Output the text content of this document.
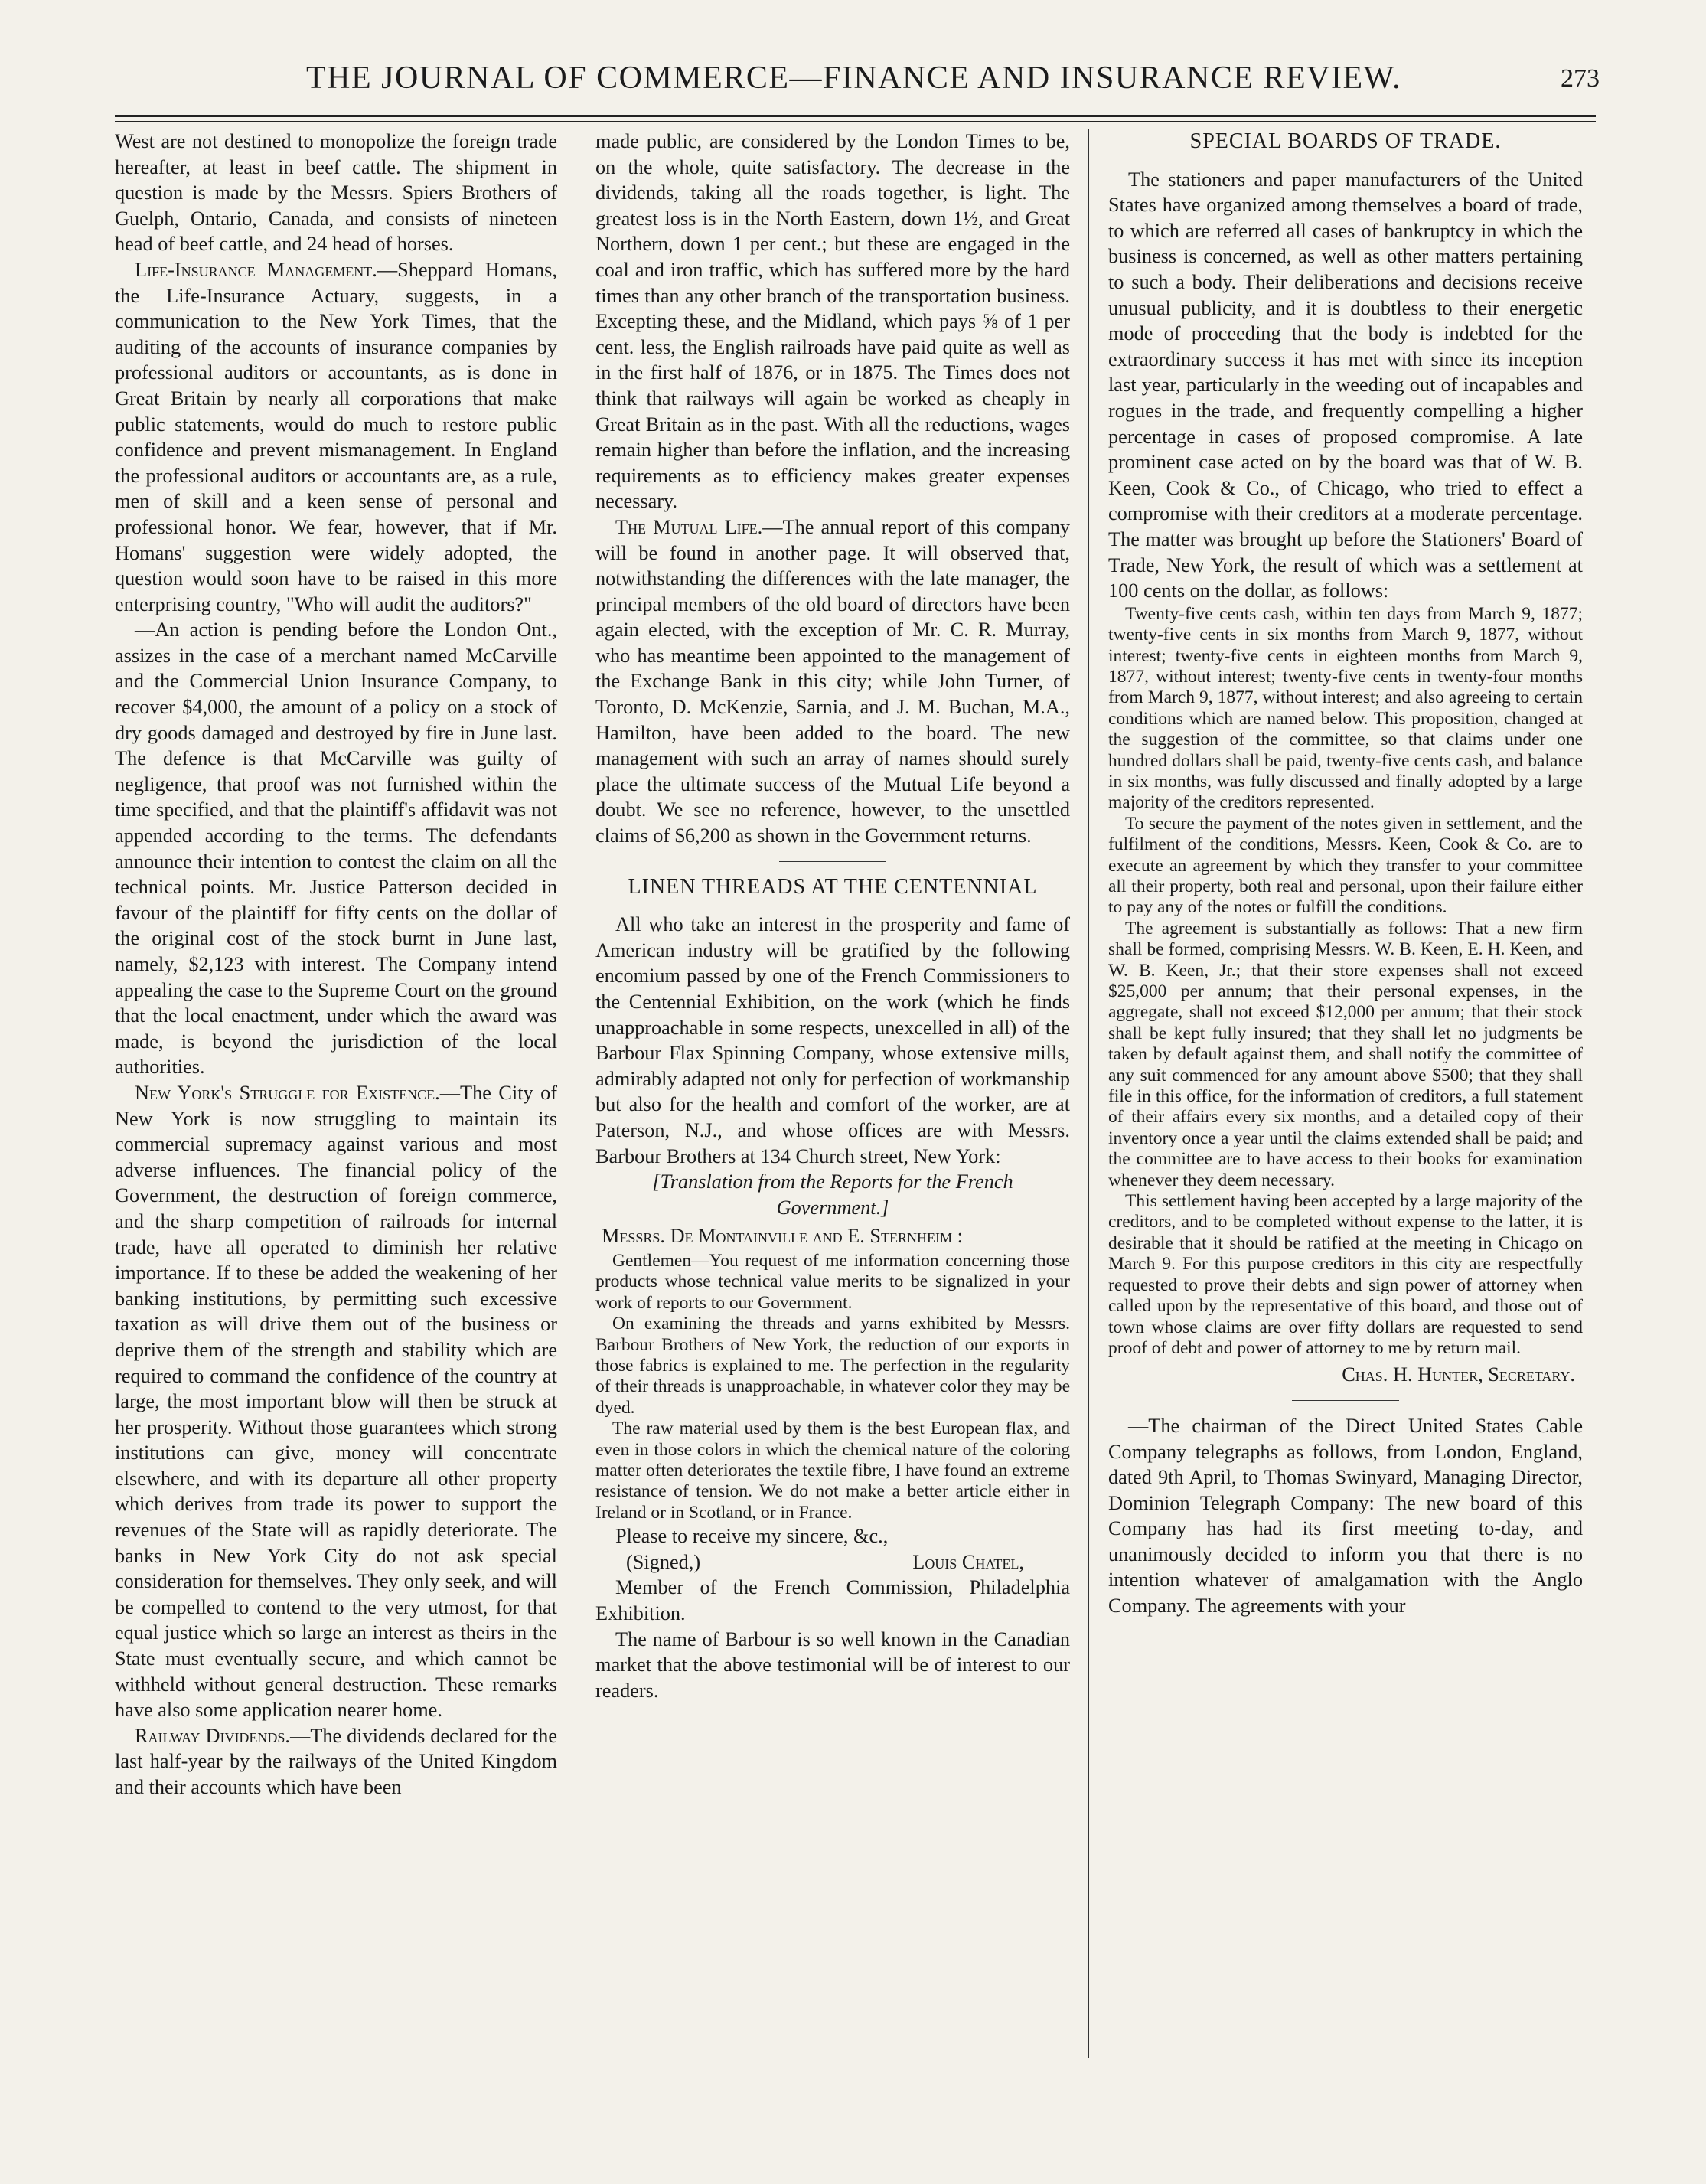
THE JOURNAL OF COMMERCE—FINANCE AND INSURANCE REVIEW.	273

West are not destined to monopolize the foreign trade hereafter, at least in beef cattle. The shipment in question is made by the Messrs. Spiers Brothers of Guelph, Ontario, Canada, and consists of nineteen head of beef cattle, and 24 head of horses.

Life-Insurance Management.—Sheppard Homans, the Life-Insurance Actuary, suggests, in a communication to the New York Times, that the auditing of the accounts of insurance companies by professional auditors or accountants, as is done in Great Britain by nearly all corporations that make public statements, would do much to restore public confidence and prevent mismanagement. In England the professional auditors or accountants are, as a rule, men of skill and a keen sense of personal and professional honor. We fear, however, that if Mr. Homans' suggestion were widely adopted, the question would soon have to be raised in this more enterprising country, "Who will audit the auditors?"

—An action is pending before the London Ont., assizes in the case of a merchant named McCarville and the Commercial Union Insurance Company, to recover $4,000, the amount of a policy on a stock of dry goods damaged and destroyed by fire in June last. The defence is that McCarville was guilty of negligence, that proof was not furnished within the time specified, and that the plaintiff's affidavit was not appended according to the terms. The defendants announce their intention to contest the claim on all the technical points. Mr. Justice Patterson decided in favour of the plaintiff for fifty cents on the dollar of the original cost of the stock burnt in June last, namely, $2,123 with interest. The Company intend appealing the case to the Supreme Court on the ground that the local enactment, under which the award was made, is beyond the jurisdiction of the local authorities.

New York's Struggle for Existence.—The City of New York is now struggling to maintain its commercial supremacy against various and most adverse influences. The financial policy of the Government, the destruction of foreign commerce, and the sharp competition of railroads for internal trade, have all operated to diminish her relative importance. If to these be added the weakening of her banking institutions, by permitting such excessive taxation as will drive them out of the business or deprive them of the strength and stability which are required to command the confidence of the country at large, the most important blow will then be struck at her prosperity. Without those guarantees which strong institutions can give, money will concentrate elsewhere, and with its departure all other property which derives from trade its power to support the revenues of the State will as rapidly deteriorate. The banks in New York City do not ask special consideration for themselves. They only seek, and will be compelled to contend to the very utmost, for that equal justice which so large an interest as theirs in the State must eventually secure, and which cannot be withheld without general destruction. These remarks have also some application nearer home.

Railway Dividends.—The dividends declared for the last half-year by the railways of the United Kingdom and their accounts which have been

made public, are considered by the London Times to be, on the whole, quite satisfactory. The decrease in the dividends, taking all the roads together, is light. The greatest loss is in the North Eastern, down 1½, and Great Northern, down 1 per cent.; but these are engaged in the coal and iron traffic, which has suffered more by the hard times than any other branch of the transportation business. Excepting these, and the Midland, which pays ⅝ of 1 per cent. less, the English railroads have paid quite as well as in the first half of 1876, or in 1875. The Times does not think that railways will again be worked as cheaply in Great Britain as in the past. With all the reductions, wages remain higher than before the inflation, and the increasing requirements as to efficiency makes greater expenses necessary.

The Mutual Life.—The annual report of this company will be found in another page. It will observed that, notwithstanding the differences with the late manager, the principal members of the old board of directors have been again elected, with the exception of Mr. C. R. Murray, who has meantime been appointed to the management of the Exchange Bank in this city; while John Turner, of Toronto, D. McKenzie, Sarnia, and J. M. Buchan, M.A., Hamilton, have been added to the board. The new management with such an array of names should surely place the ultimate success of the Mutual Life beyond a doubt. We see no reference, however, to the unsettled claims of $6,200 as shown in the Government returns.

LINEN THREADS AT THE CENTENNIAL

All who take an interest in the prosperity and fame of American industry will be gratified by the following encomium passed by one of the French Commissioners to the Centennial Exhibition, on the work (which he finds unapproachable in some respects, unexcelled in all) of the Barbour Flax Spinning Company, whose extensive mills, admirably adapted not only for perfection of workmanship but also for the health and comfort of the worker, are at Paterson, N.J., and whose offices are with Messrs. Barbour Brothers at 134 Church street, New York:

[Translation from the Reports for the French Government.]
Messrs. De Montainville and E. Sternheim :

Gentlemen—You request of me information concerning those products whose technical value merits to be signalized in your work of reports to our Government.

On examining the threads and yarns exhibited by Messrs. Barbour Brothers of New York, the reduction of our exports in those fabrics is explained to me. The perfection in the regularity of their threads is unapproachable, in whatever color they may be dyed.

The raw material used by them is the best European flax, and even in those colors in which the chemical nature of the coloring matter often deteriorates the textile fibre, I have found an extreme resistance of tension. We do not make a better article either in Ireland or in Scotland, or in France.

Please to receive my sincere, &c.,

(Signed,)	Louis Chatel,

Member of the French Commission, Philadelphia Exhibition.

The name of Barbour is so well known in the Canadian market that the above testimonial will be of interest to our readers.

SPECIAL BOARDS OF TRADE.

The stationers and paper manufacturers of the United States have organized among themselves a board of trade, to which are referred all cases of bankruptcy in which the business is concerned, as well as other matters pertaining to such a body. Their deliberations and decisions receive unusual publicity, and it is doubtless to their energetic mode of proceeding that the body is indebted for the extraordinary success it has met with since its inception last year, particularly in the weeding out of incapables and rogues in the trade, and frequently compelling a higher percentage in cases of proposed compromise. A late prominent case acted on by the board was that of W. B. Keen, Cook & Co., of Chicago, who tried to effect a compromise with their creditors at a moderate percentage. The matter was brought up before the Stationers' Board of Trade, New York, the result of which was a settlement at 100 cents on the dollar, as follows:

Twenty-five cents cash, within ten days from March 9, 1877; twenty-five cents in six months from March 9, 1877, without interest; twenty-five cents in eighteen months from March 9, 1877, without interest; twenty-five cents in twenty-four months from March 9, 1877, without interest; and also agreeing to certain conditions which are named below. This proposition, changed at the suggestion of the committee, so that claims under one hundred dollars shall be paid, twenty-five cents cash, and balance in six months, was fully discussed and finally adopted by a large majority of the creditors represented.

To secure the payment of the notes given in settlement, and the fulfilment of the conditions, Messrs. Keen, Cook & Co. are to execute an agreement by which they transfer to your committee all their property, both real and personal, upon their failure either to pay any of the notes or fulfill the conditions.

The agreement is substantially as follows: That a new firm shall be formed, comprising Messrs. W. B. Keen, E. H. Keen, and W. B. Keen, Jr.; that their store expenses shall not exceed $25,000 per annum; that their personal expenses, in the aggregate, shall not exceed $12,000 per annum; that their stock shall be kept fully insured; that they shall let no judgments be taken by default against them, and shall notify the committee of any suit commenced for any amount above $500; that they shall file in this office, for the information of creditors, a full statement of their affairs every six months, and a detailed copy of their inventory once a year until the claims extended shall be paid; and the committee are to have access to their books for examination whenever they deem necessary.

This settlement having been accepted by a large majority of the creditors, and to be completed without expense to the latter, it is desirable that it should be ratified at the meeting in Chicago on March 9. For this purpose creditors in this city are respectfully requested to prove their debts and sign power of attorney when called upon by the representative of this board, and those out of town whose claims are over fifty dollars are requested to send proof of debt and power of attorney to me by return mail.

Chas. H. Hunter, Secretary.

—The chairman of the Direct United States Cable Company telegraphs as follows, from London, England, dated 9th April, to Thomas Swinyard, Managing Director, Dominion Telegraph Company: The new board of this Company has had its first meeting to-day, and unanimously decided to inform you that there is no intention whatever of amalgamation with the Anglo Company. The agreements with your
